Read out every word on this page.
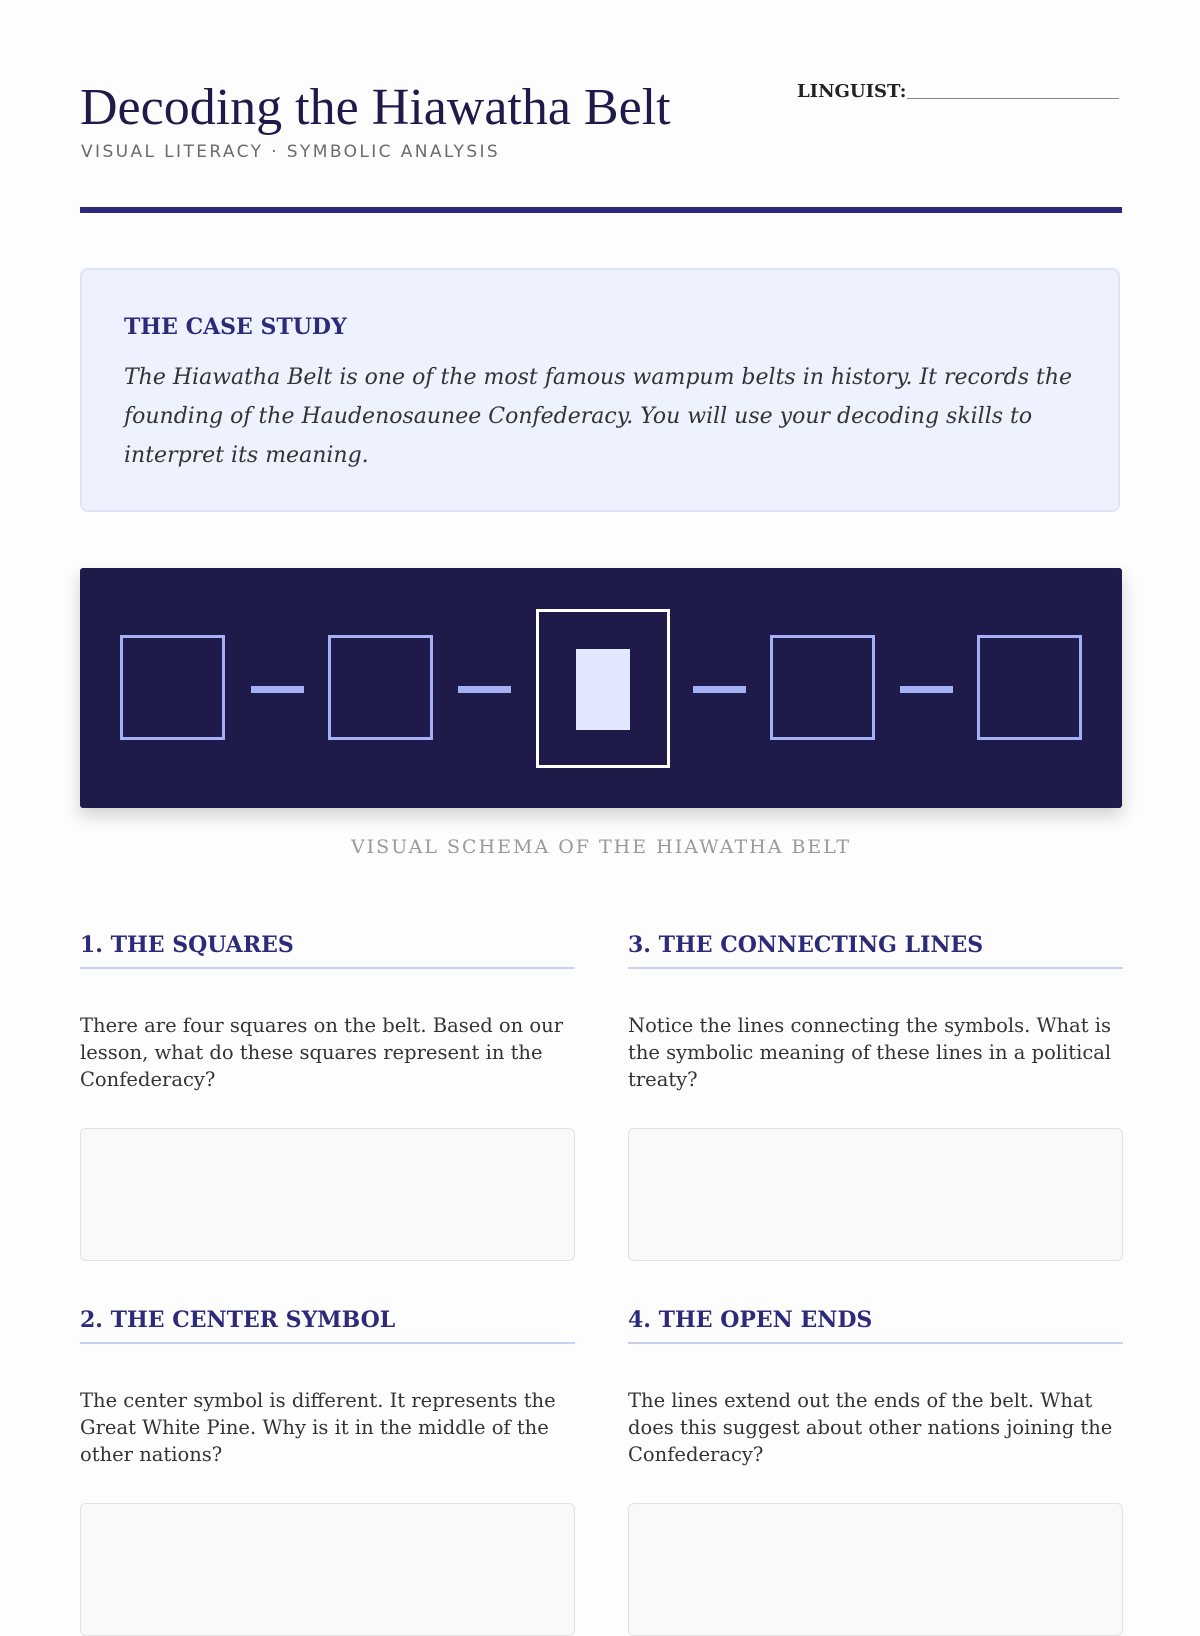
Decoding the Hiawatha Belt
VISUAL LITERACY · SYMBOLIC ANALYSIS
LINGUIST:
THE CASE STUDY
The Hiawatha Belt is one of the most famous wampum belts in history. It records the founding of the Haudenosaunee Confederacy. You will use your decoding skills to interpret its meaning.
VISUAL SCHEMA OF THE HIAWATHA BELT
1. THE SQUARES
There are four squares on the belt. Based on our lesson, what do these squares represent in the Confederacy?
3. THE CONNECTING LINES
Notice the lines connecting the symbols. What is the symbolic meaning of these lines in a political treaty?
2. THE CENTER SYMBOL
The center symbol is different. It represents the Great White Pine. Why is it in the middle of the other nations?
4. THE OPEN ENDS
The lines extend out the ends of the belt. What does this suggest about other nations joining the Confederacy?
